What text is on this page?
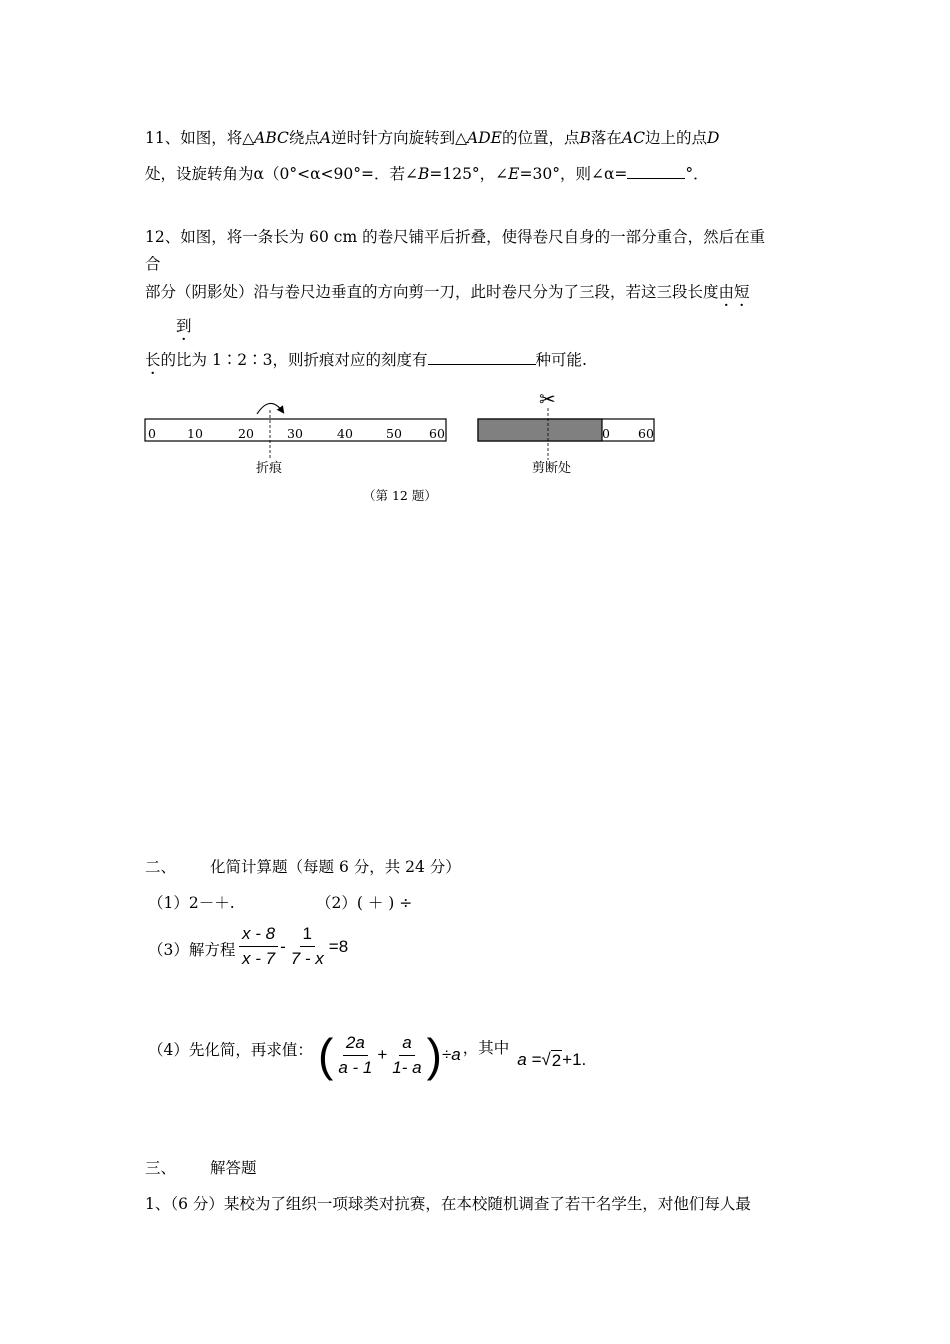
11、如图，将△ABC绕点A逆时针方向旋转到△ADE的位置，点B落在AC边上的点D
处，设旋转角为α（0°<α<90°=．若∠B=125°，∠E=30°，则∠α=	°．
12、如图，将一条长为 60 cm 的卷尺铺平后折叠，使得卷尺自身的一部分重合，然后在重
合
部分（阴影处）沿与卷尺边垂直的方向剪一刀，此时卷尺分为了三段，若这三段长度由短
到
长的比为 1∶2∶3，则折痕对应的刻度有	种可能.
0 10	20	30	40	50 60
折痕
✂
0 60
剪断处
（第 12 题）
二、 化简计算题（每题 6 分，共 24 分）
（1）2－＋.	（2）( ＋ ) ÷
（3）解方程 $\frac{x - 8}{x - 7} - \frac{1}{7 - x} =8$
（4）先化简，再求值： ( $\frac{2a}{a - 1} + \frac{a}{1- a}$ ) ÷a ，其中
a = √ 2 +1 .
三、 解答题
1、（6 分）某校为了组织一项球类对抗赛，在本校随机调查了若干名学生，对他们每人最
